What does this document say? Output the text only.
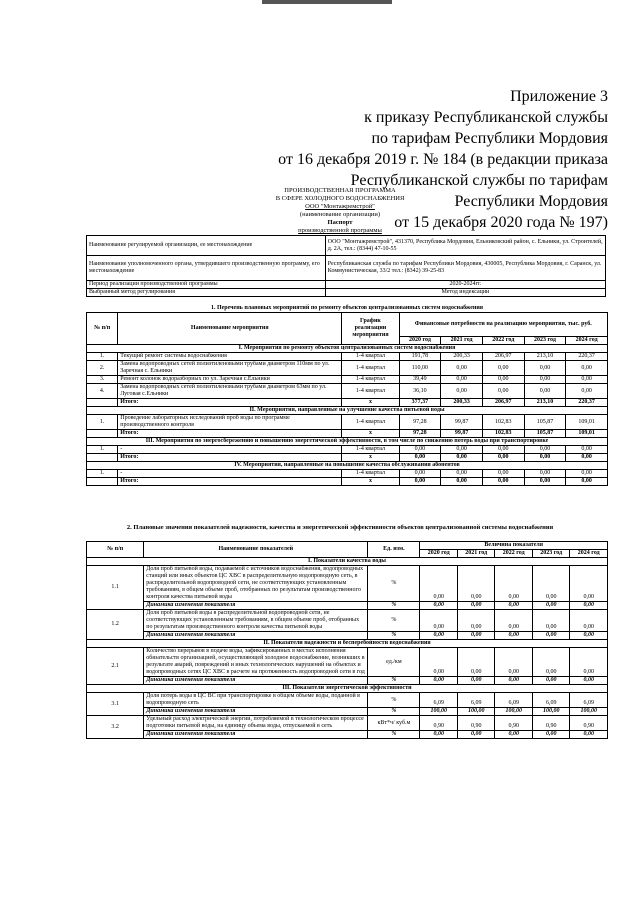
Приложение 3
к приказу Республиканской службы
по тарифам Республики Мордовия
от 16 декабря 2019 г. № 184 (в редакции приказа
Республиканской службы по тарифам
Республики Мордовия
от 15 декабря 2020 года № 197)
ПРОИЗВОДСТВЕННАЯ ПРОГРАММА
В СФЕРЕ ХОЛОДНОГО ВОДОСНАБЖЕНИЯ
ООО "Монтажремстрой"
(наименование организации)
Паспорт
производственной программы
Наименование регулируемой организации, ее местонахождение	ООО "Монтажремстрой", 431370, Республика Мордовия, Ельниковский район, с. Ельники, ул. Строителей, д. 2А, тел.: (8344) 47-10-55
Наименование уполномоченного органа, утвердившего производственную программу, его местонахождение	Республиканская служба по тарифам Республики Мордовия, 430005, Республика Мордовия, г. Саранск, ул. Коммунистическая, 33/2 тел.: (8342) 39-25-83
Период реализации производственной программы	2020-2024гг.
Выбранный метод регулирования	Метод индексации
1. Перечень плановых мероприятий по ремонту объектов централизованных систем водоснабжения							
№ п/п	Наименование мероприятия	График реализации мероприятия	Финансовые потребности на реализацию мероприятия, тыс. руб.				
			2020 год	2021 год	2022 год	2023 год	2024 год
I. Мероприятия по ремонту объектов централизованных систем водоснабжения							
1.	Текущий ремонт системы водоснабжения	1-4 квартал	191,78	200,33	206,97	213,10	220,37
2.	Замена водопроводных сетей полиэтиленовыми трубами диаметром 110мм по ул. Заречная с. Ельники	1-4 квартал	110,00	0,00	0,00	0,00	0,00
3.	Ремонт колонок водоразборных по ул. Заречная с.Ельники	1-4 квартал	39,49	0,00	0,00	0,00	0,00
4.	Замена водопроводных сетей полиэтиленовыми трубами диаметром 63мм по ул. Луговая с.Ельники	1-4 квартал	36,10	0,00	0,00	0,00	0,00
	Итого:	х	377,37	200,33	206,97	213,10	220,37
II. Мероприятия, направленные на улучшение качества питьевой воды							
1.	Проведение лабораторных исследований проб воды по программе производственного контроля	1-4 квартал	97,28	99,87	102,83	105,87	109,01
	Итого:	х	97,28	99,87	102,83	105,87	109,01
III. Мероприятия по энергосбережению и повышению энергетической эффективности, в том числе по снижению потерь воды при транспортировке							
1.	-	1-4 квартал	0,00	0,00	0,00	0,00	0,00
	Итого:	х	0,00	0,00	0,00	0,00	0,00
IV. Мероприятия, направленные на повышение качества обслуживания абонентов							
1.	-	1-4 квартал	0,00	0,00	0,00	0,00	0,00
	Итого:	х	0,00	0,00	0,00	0,00	0,00
2. Плановые значения показателей надежности, качества и энергетической эффективности объектов централизованной системы водоснабжения
№ п/п	Наименование показателей	Ед. изм.	Величина показателя				
			2020 год	2021 год	2022 год	2023 год	2024 год
I. Показатели качества воды							
1.1	Доля проб питьевой воды, подаваемой с источников водоснабжения, водопроводных станций или иных объектов ЦС ХВС в распределительную водопроводную сеть, в распределительной водопроводной сети, не соответствующих установленным требованиям, в общем объеме проб, отобранных по результатам производственного контроля качества питьевой воды	%	0,00	0,00	0,00	0,00	0,00
	Динамика изменения показателя	%	0,00	0,00	0,00	0,00	0,00
1.2	Доля проб питьевой воды в распределительной водопроводной сети, не соответствующих установленным требованиям, в общем объеме проб, отобранных по результатам производственного контроля качества питьевой воды	%	0,00	0,00	0,00	0,00	0,00
	Динамика изменения показателя	%	0,00	0,00	0,00	0,00	0,00
II. Показатели надежности и бесперебойности водоснабжения							
2.1	Количество перерывов в подаче воды, зафиксированных в местах исполнения обязательств организацией, осуществляющей холодное водоснабжение, возникших в результате аварий, повреждений и иных технологических нарушений на объектах и водопроводных сетях ЦС ХВС в расчете на протяженность водопроводной сети в год	ед./км	0,00	0,00	0,00	0,00	0,00
	Динамика изменения показателя	%	0,00	0,00	0,00	0,00	0,00
III. Показатели энергетической эффективности							
3.1	Доля потерь воды в ЦС ВС при транспортировке в общем объеме воды, поданной в водопроводную сеть	%	6,09	6,09	6,09	6,09	6,09
	Динамика изменения показателя	%	100,00	100,00	100,00	100,00	100,00
3.2	Удельный расход электрической энергии, потребляемой в технологическом процессе подготовки питьевой воды, на единицу объема воды, отпускаемой в сеть	кВт*ч/ куб.м	0,90	0,90	0,90	0,90	0,90
	Динамика изменения показателя	%	0,00	0,00	0,00	0,00	0,00
